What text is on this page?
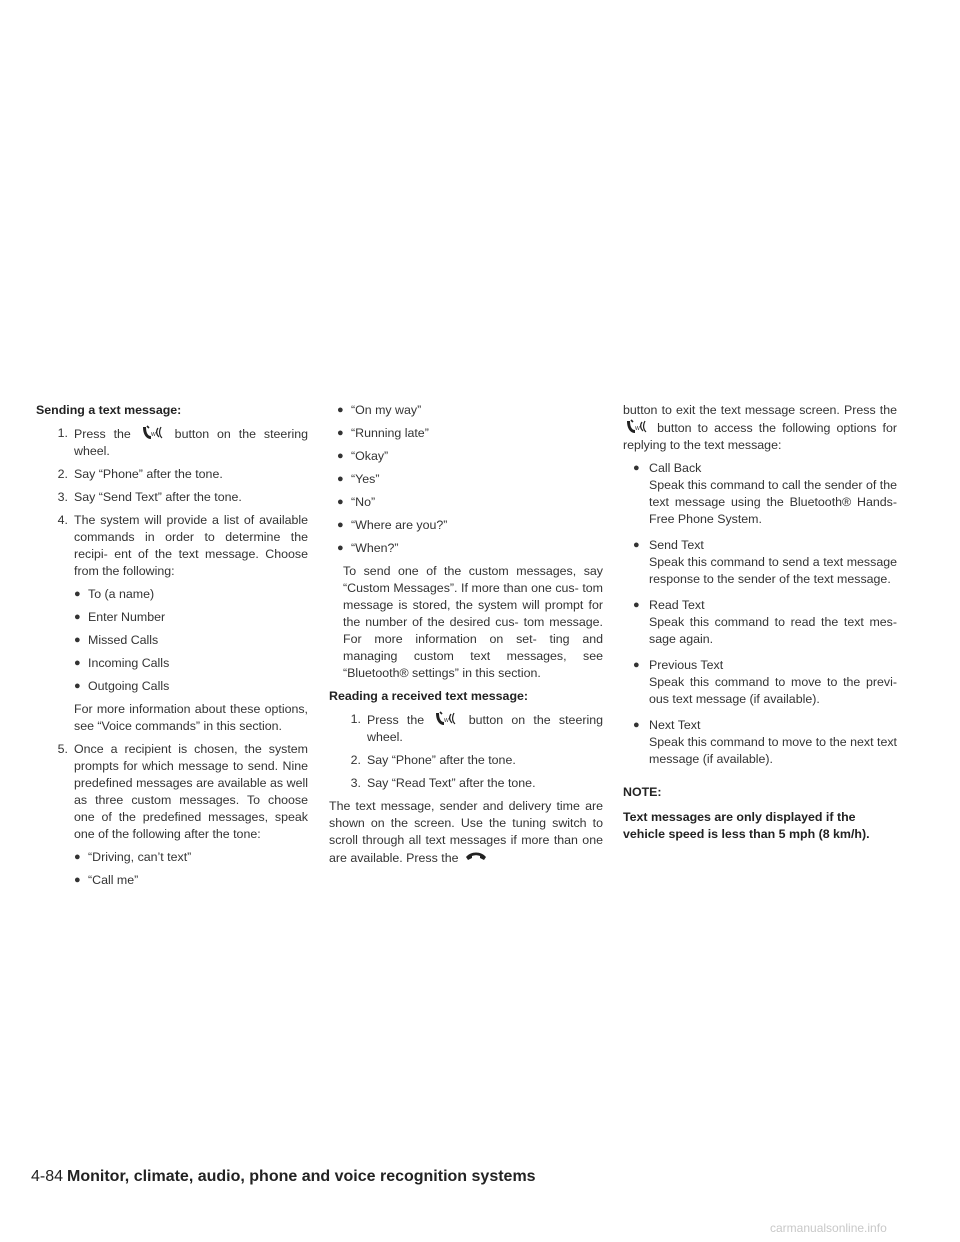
Sending a text message:
1. Press the	W button on the steering wheel.
2. Say “Phone” after the tone.
3. Say “Send Text” after the tone.
4. The system will provide a list of available commands in order to determine the recipi- ent of the text message. Choose from the following:
● To (a name)
● Enter Number
● Missed Calls
● Incoming Calls
● Outgoing Calls
For more information about these options, see “Voice commands” in this section.
5. Once a recipient is chosen, the system prompts for which message to send. Nine predefined messages are available as well as three custom messages. To choose one of the predefined messages, speak one of the following after the tone:
● “Driving, can’t text”
● “Call me”
● “On my way”
● “Running late”
● “Okay”
● “Yes”
● “No”
● “Where are you?”
● “When?”
To send one of the custom messages, say “Custom Messages”. If more than one cus- tom message is stored, the system will prompt for the number of the desired cus- tom message. For more information on set- ting and managing custom text messages, see “Bluetooth® settings” in this section.
Reading a received text message:
1. Press the	W button on the steering wheel.
2. Say “Phone” after the tone.
3. Say “Read Text” after the tone.
The text message, sender and delivery time are shown on the screen. Use the tuning switch to scroll through all text messages if more than one are available. Press the
button to exit the text message screen. Press the
W button to access the following options for replying to the text message:
● Call Back
Speak this command to call the sender of the text message using the Bluetooth® Hands-Free Phone System.
● Send Text
Speak this command to send a text message response to the sender of the text message.
● Read Text
Speak this command to read the text mes- sage again.
● Previous Text
Speak this command to move to the previ- ous text message (if available).
● Next Text
Speak this command to move to the next text message (if available).
NOTE:
Text messages are only displayed if the vehicle speed is less than 5 mph (8 km/h).
4-84 Monitor, climate, audio, phone and voice recognition systems
carmanualsonline.info
